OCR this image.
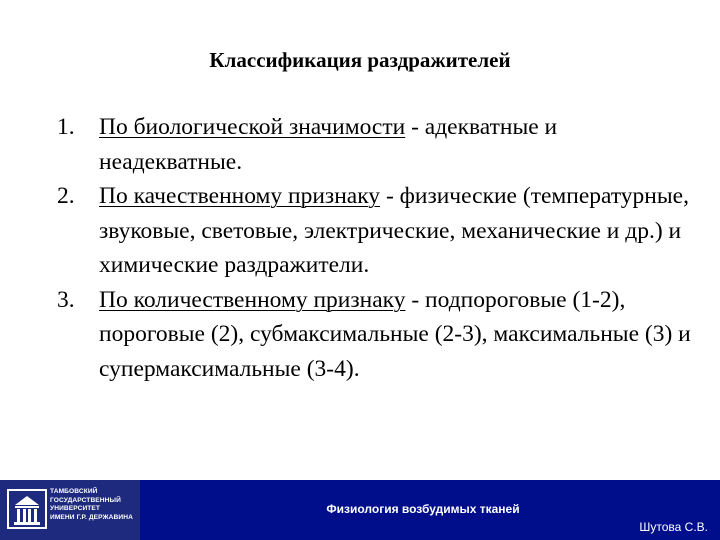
Классификация раздражителей
1. По биологической значимости - адекватные и неадекватные.
2. По качественному признаку - физические (температурные, звуковые, световые, электрические, механические и др.) и химические раздражители.
3. По количественному признаку - подпороговые (1-2), пороговые (2), субмаксимальные (2-3), максимальные (3) и супермаксимальные (3-4).
ТАМБОВСКИЙ
ГОСУДАРСТВЕННЫЙ
УНИВЕРСИТЕТ
ИМЕНИ Г.Р. ДЕРЖАВИНА
Физиология возбудимых тканей
Шутова С.В.
